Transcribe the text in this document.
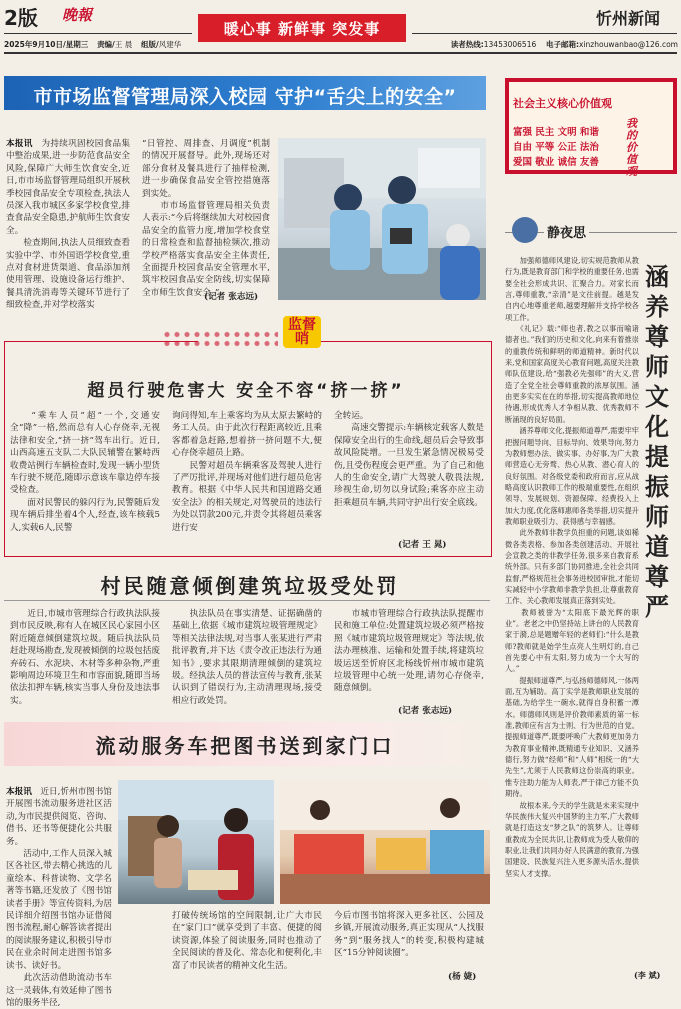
2版 晚報
暖心事 新鲜事 突发事
忻州新闻
2025年9月10日/星期三 责编/王 晨 组版/风建华	读者热线:13453006516 电子邮箱:xinzhouwanbao@126.com
市市场监督管理局深入校园 守护“舌尖上的安全”
本报讯　 为持续巩固校园食品集中整治成果,进一步防范食品安全风险,保障广大师生饮食安全,近日,市市场监督管理局组织开展秋季校园食品安全专项检查,执法人员深入我市城区多家学校食堂,排查食品安全隐患,护航师生饮食安全。
　　检查期间,执法人员细致查看实验中学、市外国语学校食堂,重点对食材进货渠道、食品添加剂使用管理、设施设备运行维护、餐具清洗消毒等关键环节进行了细致检查,并对学校落实
“日管控、周排查、月调度”机制的情况开展督导。此外,现场还对部分食材及餐具进行了抽样检测,进一步确保食品安全管控措施落到实处。
　　市市场监督管理局相关负责人表示:“今后将继续加大对校园食品安全的监管力度,增加学校食堂的日常检查和监督抽检频次,推动学校严格落实食品安全主体责任,全面提升校园食品安全管理水平,筑牢校园食品安全防线,切实保障全市师生饮食安全。”
(记者 张志远)
社会主义核心价值观
富强 民主 文明 和谐
自由 平等 公正 法治
爱国 敬业 诚信 友善
我的价值观
静夜思
　　加强师德师风建设,切实规范教师从教行为,既是教育部门和学校的重要任务,也需要全社会形成共识、汇聚合力。对家长而言,尊师重教,“亲清”是文往前提。越是发自内心地尊重老师,越要理解并支持学校各项工作。
　　《礼记》载:“师也者,教之以事而喻诸德者也。”我们的历史和文化,向来有着推崇的重教传统和鲜明的师道精神。新时代以来,党和国家高度关心教育问题,高度关注教师队伍建设,给“强教必先强师”的大义,营造了全党全社会尊师重教的浓厚氛围。涵由更多实实在在的举措,切实提高教师地位待遇,形成优秀人才争相从教、优秀教师不断涌现的良好局面。
　　涵养尊师文化,提振师道尊严,需要牢牢把握问题导向、目标导向、效果导向,努力为教师想办法、做实事、办好事,为广大教师营造心无旁骛、热心从教、潜心育人的良好氛围。对各级党委和政府而言,应从战略高度认识教师工作的极端重要性,在组织领导、发展规划、资源保障、经费投入上加大力度,优化落师惠师各类举措,切实提升教师职业吸引力、获得感与幸福感。
　　此外教师非教学负担重的问题,谈如稀微各类表格、参加各类创建活动、开展社会宣教之类的非教学任务,很多来自教育系统外部。只有多部门协同推进,全社会共同监督,严格规范社会事务进校园审批,才能切实减轻中小学教师非教学负担,让尊重教育工作、关心教师发展真正落到实处。
　　教师被誉为“太阳底下最光辉的职业”。老老之中仍坚持站上讲台的人民教育家于漪,总是题赠年轻的老师们:“什么是教师?教师就是始学生点亮人生明灯的,自己首先要心中有太阳,努力成为一个大写的人。”
　　提振师道尊严,与弘扬师德师风,一体两面,互为辅助。高丁实学是教师职业发展的基础,为给学生一碗水,就得自身积蓄一潭水。师德师风则是评价教师素质的第一标准,教师应有言为士则、行为世范的自觉。提振师道尊严,既要呼唤广大教师更加务力为教育事业精神,既精通专业知识、又涵养德行,努力做“经师”和“人师”相统一的“大先生”,尤须于人民教师这份崇高的职业。惟专注助力能为人师表,严于律己方能不负期待。
　　故根本来,今天的学生就是未来实现中华民族伟大复兴中国梦的主力军,广大教师就是打造这支“梦之队”的筑梦人。让尊师重教成为全民共识,让教师成为受人敬仰的职业,让我们共同办好人民满意的教育,为强国建设、民族复兴注入更多源头活水,提供坚实人才支撑。
涵养尊师文化 提振师道尊严
(李 斌)
监督哨
超员行驶危害大 安全不容“挤一挤”
　　“乘车人员”超“一个,交通安全“降”一格,然而总有人心存侥幸,无视法律和安全,“挤一挤”驾车出行。近日,山西高速五支队二大队民辅警在繁峙西收费站例行车辆检查时,发现一辆小型货车行驶不规范,随即示意该车靠边停车接受检查。
　　面对民警民的躲闪行为,民警随后发现车辆后排坐着4个人,经查,该车核载5人,实载6人,民警
询问得知,车上乘客均为从太原去繁峙的务工人员。由于此次行程距离较近,且乘客都着急赶路,想着挤一挤问题不大,便心存侥幸超员上路。
　　民警对超员车辆乘客及驾驶人进行了严厉批评,并现场对他们进行超员危害教育。根据《中华人民共和国道路交通安全法》的相关规定,对驾驶员的违法行为处以罚款200元,并责令其将超员乘客进行安
全转运。
　　高速交警提示:车辆核定载客人数是保障安全出行的生命线,超员后会导致事故风险陡增。一旦发生紧急情况极易受伤,且受伤程度会更严重。为了自己和他人的生命安全,请广大驾驶人敬畏法规,珍视生命,切勿以身试险;乘客亦应主动拒乘超员车辆,共同守护出行安全底线。
(记者 王 晁)
村民随意倾倒建筑垃圾受处罚
　　近日,市城市管理综合行政执法队接到市民反映,称有人在城区民心家园小区附近随意倾倒建筑垃圾。随后执法队员赶赴现场勘查,发现被倾倒的垃圾包括废弃砖石、水泥块、木材等多种杂物,严重影响周边环境卫生和市容面貌,随即当场依法扣押车辆,核实当事人身份及违法事实。
　　执法队员在事实清楚、证据确凿的基础上,依据《城市建筑垃圾管理规定》等相关法律法规,对当事人张某进行严肃批评教育,并下达《责令改正违法行为通知书》,要求其限期清理倾倒的建筑垃圾。经执法人员的普法宣传与教育,张某认识到了错误行为,主动清理现场,接受相应行政处罚。
　　市城市管理综合行政执法队提醒市民和施工单位:处置建筑垃圾必须严格按照《城市建筑垃圾管理规定》等法规,依法办理核准、运输和处置手续,将建筑垃圾运送至忻府区北杨线忻州市城市建筑垃圾管理中心统一处理,请勿心存侥幸,随意倾倒。
(记者 张志远)
流动服务车把图书送到家门口
本报讯　 近日,忻州市图书馆开展图书流动服务进社区活动,为市民提供阅览、咨询、借书、还书等便捷化公共服务。
　　活动中,工作人员深入城区各社区,带去精心挑选的儿童绘本、科普读物、文学名著等书籍,还发放了《图书馆读者手册》等宣传资料,为居民详细介绍图书馆办证借阅图书流程,耐心解答读者提出的阅读服务建议,积极引导市民在业余时间走进图书馆多读书、读好书。
　　此次活动借助流动书车这一灵载体,有效延伸了图书馆的服务半径,
打破传统场馆的空间限制,让广大市民在“家门口”就享受到了丰富、便捷的阅读资源,体验了阅读服务,同时也推动了全民阅读的普及化、常态化和便利化,丰富了市民读者的精神文化生活。
今后市图书馆将深入更多社区、公园及乡镇,开展流动服务,真正实现从“人找服务”到“服务找人”的转变,积极构建城区“15分钟阅读圈”。
(杨 婕)
